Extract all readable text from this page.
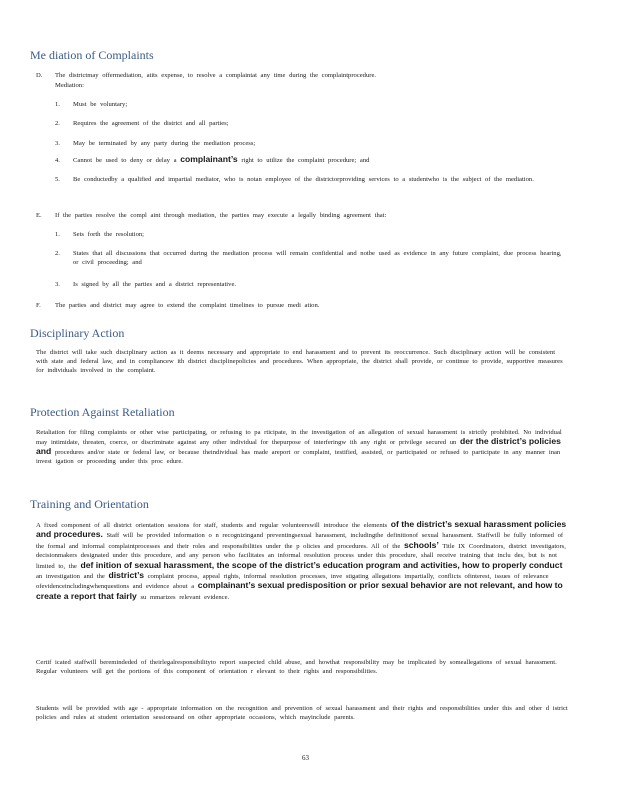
Me diation of Complaints
D. The districtmay offermediation, atits expense, to resolve a complaintat any time during the complaintprocedure.
Mediation:
1. Must be voluntary;
2. Requires the agreement of the district and all parties;
3. May be terminated by any party during the mediation process;
4. Cannot be used to deny or delay a complainant’s right to utilize the complaint procedure; and
5. Be conductedby a qualified and impartial mediator, who is notan employee of the districtorproviding services to a studentwho is the subject of the mediation.
E. If the parties resolve the compl aint through mediation, the parties may execute a legally binding agreement that:
1. Sets forth the resolution;
2. States that all discussions that occurred during the mediation process will remain confidential and notbe used as evidence in any future complaint, due process hearing, or civil proceeding; and
3. Is signed by all the parties and a district representative.
F. The parties and district may agree to extend the complaint timelines to pursue medi ation.
Disciplinary Action
The district will take such disciplinary action as it deems necessary and appropriate to end harassment and to prevent its reoccurrence. Such disciplinary action will be consistent with state and federal law, and in compliancew ith district disciplinepolicies and procedures. When appropriate, the district shall provide, or continue to provide, supportive measures for individuals involved in the complaint.
Protection Against Retaliation
Retaliation for filing complaints or other wise participating, or refusing to pa rticipate, in the investigation of an allegation of sexual harassment is strictly prohibited. No individual may intimidate, threaten, coerce, or discriminate against any other individual for thepurpose of interferingw ith any right or privilege secured un der the district’s policies and procedures and/or state or federal law, or because theindividual has made areport or complaint, testified, assisted, or participated or refused to participate in any manner inan invest igation or proceeding under this proc edure.
Training and Orientation
A fixed component of all district orientation sessions for staff, students and regular volunteerswill introduce the elements of the district’s sexual harassment policies and procedures. Staff will be provided information o n recognizingand preventingsexual harassment, includingthe definitionof sexual harassment. Staffwill be fully informed of the formal and informal complaintprocesses and their roles and responsibilities under the p olicies and procedures. All of the schools’ Title IX Coordinators, district investigators, decisionmakers designated under this procedure, and any person who facilitates an informal resolution process under this procedure, shall receive training that inclu des, but is not limited to, the def inition of sexual harassment, the scope of the district’s education program and activities, how to properly conduct an investigation and the district’s complaint process, appeal rights, informal resolution processes, inve stigating allegations impartially, conflicts ofinterest, issues of relevance ofevidenceincludingwhenquestions and evidence about a complainant’s sexual predisposition or prior sexual behavior are not relevant, and how to create a report that fairly su mmarizes relevant evidence.
Certif icated staffwill beremindeded of theirlegalresponsibilityto report suspected child abuse, and howthat responsibility may be implicated by someallegations of sexual harassment. Regular volunteers will get the portions of this component of orientation r elevant to their rights and responsibilities.
Students will be provided with age - appropriate information on the recognition and prevention of sexual harassment and their rights and responsibilities under this and other d istrict policies and rules at student orientation sessionsand on other appropriate occasions, which mayinclude parents.
63
